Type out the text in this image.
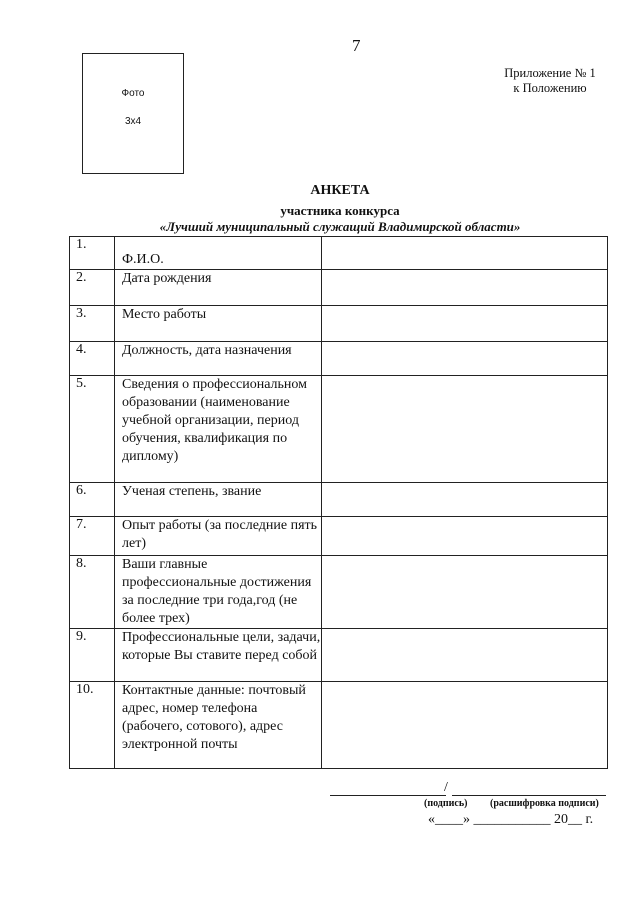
7
Фото
3x4
Приложение № 1
к Положению
АНКЕТА
участника конкурса
«Лучший муниципальный служащий Владимирской области»
1.	Ф.И.О.	
2.	Дата рождения	
3.	Место работы	
4.	Должность, дата назначения	
5.	Сведения о профессиональном образовании (наименование учебной организации, период обучения, квалификация по диплому)	
6.	Ученая степень, звание	
7.	Опыт работы (за последние пять лет)	
8.	Ваши главные профессиональные достижения за последние три года,год (не более трех)	
9.	Профессиональные цели, задачи, которые Вы ставите перед собой	
10.	Контактные данные: почтовый адрес, номер телефона (рабочего, сотового), адрес электронной почты	
/
(подпись) (расшифровка подписи)
«____» ___________ 20__ г.
